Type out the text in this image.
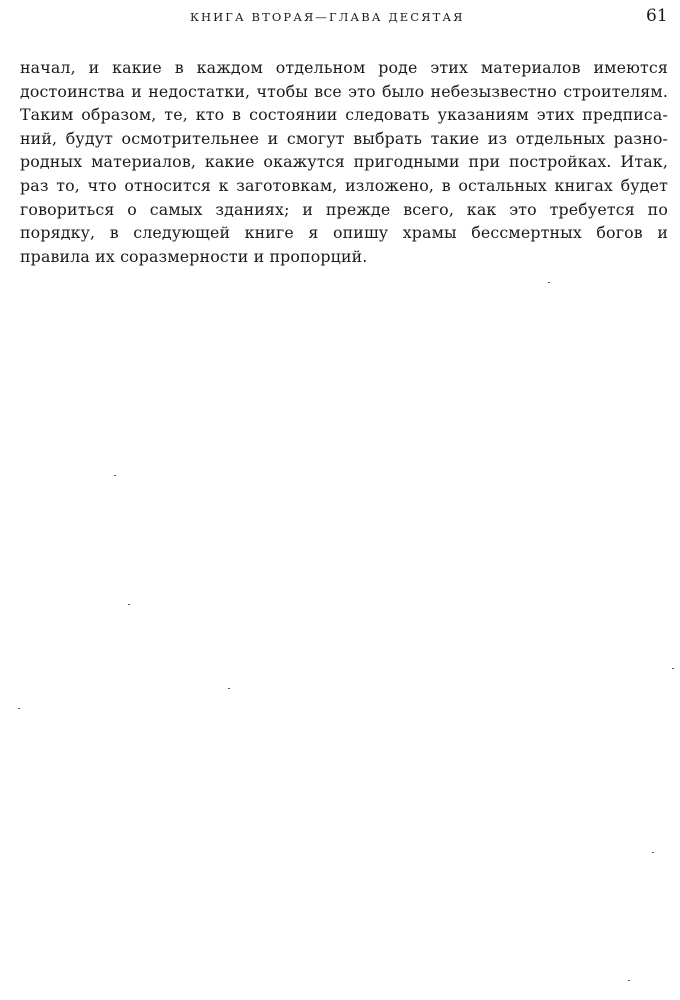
КНИГА ВТОРАЯ—ГЛАВА ДЕСЯТАЯ	61
начал, и какие в каждом отдельном роде этих материалов имеются
достоинства и недостатки, чтобы все это было небезызвестно строителям.
Таким образом, те, кто в состоянии следовать указаниям этих предписа-
ний, будут осмотрительнее и смогут выбрать такие из отдельных разно-
родных материалов, какие окажутся пригодными при постройках. Итак,
раз то, что относится к заготовкам, изложено, в остальных книгах будет
говориться о самых зданиях; и прежде всего, как это требуется по
порядку, в следующей книге я опишу храмы бессмертных богов и
правила их соразмерности и пропорций.
